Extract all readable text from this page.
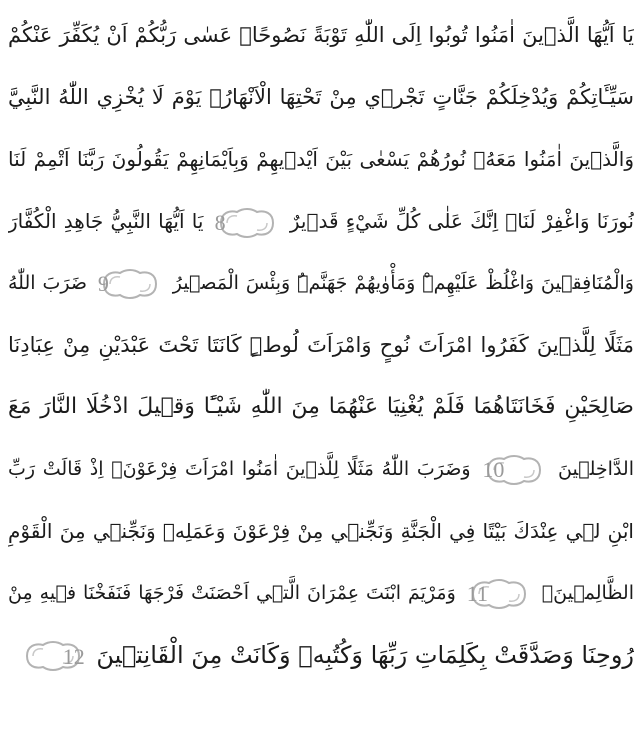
يَا اَيُّهَا الَّذٖينَ اٰمَنُوا تُوبُوا اِلَى اللّٰهِ تَوْبَةً نَصُوحًاۜ عَسٰى رَبُّكُمْ اَنْ يُكَفِّرَ عَنْكُمْ
سَيِّـَٔاتِكُمْ وَيُدْخِلَكُمْ جَنَّاتٍ تَجْرٖي مِنْ تَحْتِهَا الْاَنْهَارُۙ يَوْمَ لَا يُخْزِي اللّٰهُ النَّبِيَّ
وَالَّذٖينَ اٰمَنُوا مَعَهُۚ نُورُهُمْ يَسْعٰى بَيْنَ اَيْدٖيهِمْ وَبِاَيْمَانِهِمْ يَقُولُونَ رَبَّنَا اَتْمِمْ لَنَا
نُورَنَا وَاغْفِرْ لَنَاۚ اِنَّكَ عَلٰى كُلِّ شَيْءٍ قَدٖيرٌ
8 يَا اَيُّهَا النَّبِيُّ جَاهِدِ الْكُفَّارَ
وَالْمُنَافِقٖينَ وَاغْلُظْ عَلَيْهِمْۜ وَمَأْوٰيهُمْ جَهَنَّمُۜ وَبِئْسَ الْمَصٖيرُ
9 ضَرَبَ اللّٰهُ
مَثَلًا لِلَّذٖينَ كَفَرُوا امْرَاَتَ نُوحٍ وَامْرَاَتَ لُوطٍۜ كَانَتَا تَحْتَ عَبْدَيْنِ مِنْ عِبَادِنَا
صَالِحَيْنِ فَخَانَتَاهُمَا فَلَمْ يُغْنِيَا عَنْهُمَا مِنَ اللّٰهِ شَيْـًٔا وَقٖيلَ ادْخُلَا النَّارَ مَعَ
الدَّاخِلٖينَ
10 وَضَرَبَ اللّٰهُ مَثَلًا لِلَّذٖينَ اٰمَنُوا امْرَاَتَ فِرْعَوْنَۢ اِذْ قَالَتْ رَبِّ
ابْنِ لٖي عِنْدَكَ بَيْتًا فِي الْجَنَّةِ وَنَجِّنٖي مِنْ فِرْعَوْنَ وَعَمَلِهٖ وَنَجِّنٖي مِنَ الْقَوْمِ
الظَّالِمٖينَۙ
11 وَمَرْيَمَ ابْنَتَ عِمْرَانَ الَّتٖي اَحْصَنَتْ فَرْجَهَا فَنَفَخْنَا فٖيهِ مِنْ
رُوحِنَا وَصَدَّقَتْ بِكَلِمَاتِ رَبِّهَا وَكُتُبِهٖ وَكَانَتْ مِنَ الْقَانِتٖينَ
12
